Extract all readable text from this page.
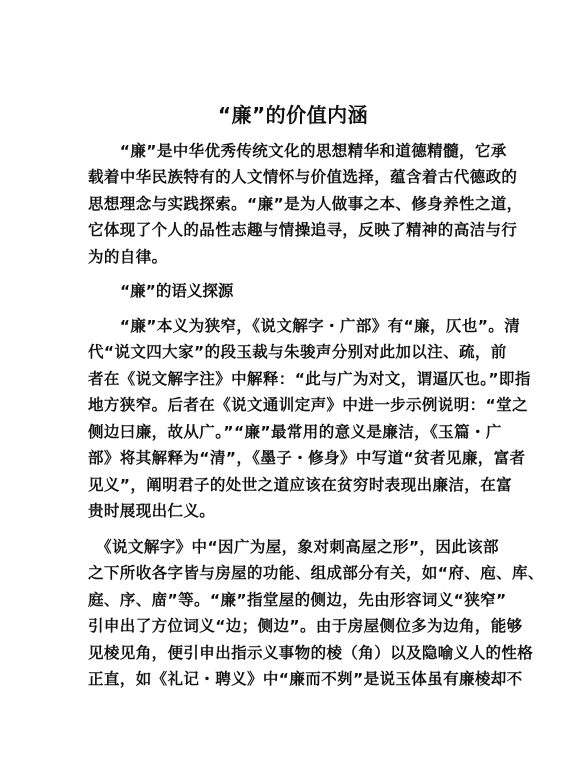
“廉”的价值内涵
　　“廉”是中华优秀传统文化的思想精华和道德精髓，它承
载着中华民族特有的人文情怀与价值选择，蕴含着古代德政的
思想理念与实践探索。“廉”是为人做事之本、修身养性之道，
它体现了个人的品性志趣与情操追寻，反映了精神的高洁与行
为的自律。
“廉”的语义探源
　　“廉”本义为狭窄，《说文解字・广部》有“廉，仄也”。清
代“说文四大家”的段玉裁与朱骏声分别对此加以注、疏，前
者在《说文解字注》中解释：“此与广为对文，谓逼仄也。”即指
地方狭窄。后者在《说文通训定声》中进一步示例说明：“堂之
侧边曰廉，故从广。”“廉”最常用的意义是廉洁，《玉篇・广
部》将其解释为“清”，《墨子・修身》中写道“贫者见廉，富者
见义”，阐明君子的处世之道应该在贫穷时表现出廉洁，在富
贵时展现出仁义。
　《说文解字》中“因广为屋，象对刺高屋之形”，因此该部
之下所收各字皆与房屋的功能、组成部分有关，如“府、庖、库、
庭、序、庿”等。“廉”指堂屋的侧边，先由形容词义“狭窄”
引申出了方位词义“边；侧边”。由于房屋侧位多为边角，能够
见棱见角，便引申出指示义事物的棱（角）以及隐喻义人的性格
正直，如《礼记・聘义》中“廉而不刿”是说玉体虽有廉棱却不
